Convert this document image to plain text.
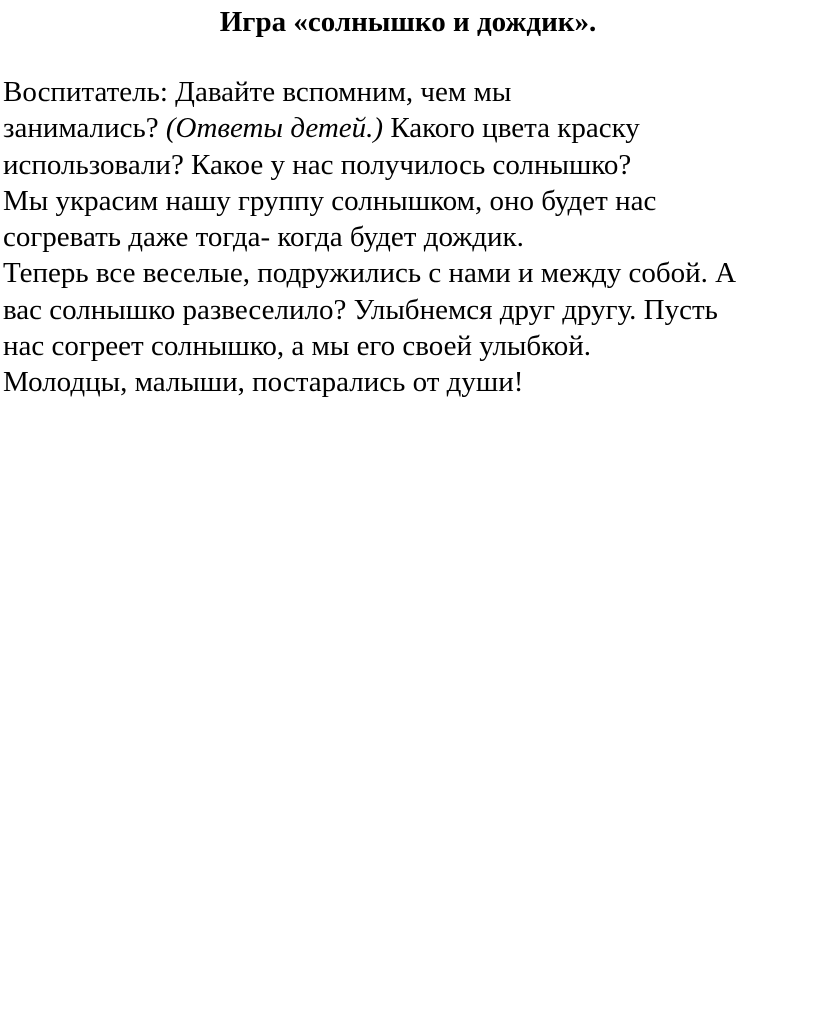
Игра «солнышко и дождик».
Воспитатель: Давайте вспомним, чем мы
занимались? (Ответы детей.) Какого цвета краску
использовали? Какое у нас получилось солнышко?
Мы украсим нашу группу солнышком, оно будет нас
согревать даже тогда- когда будет дождик.
Теперь все веселые, подружились с нами и между собой. А
вас солнышко развеселило? Улыбнемся друг другу. Пусть
нас согреет солнышко, а мы его своей улыбкой.
Молодцы, малыши, постарались от души!
